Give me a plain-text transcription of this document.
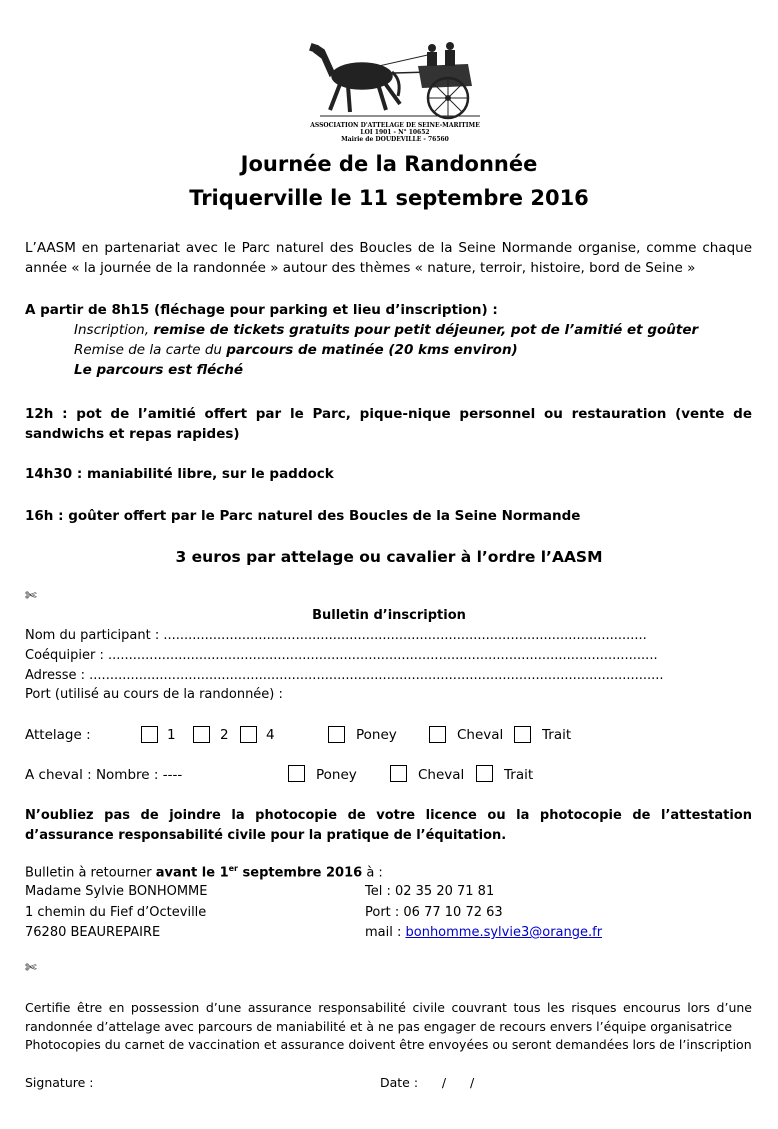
ASSOCIATION D'ATTELAGE DE SEINE-MARITIME
LOI 1901 - N° 10652
Mairie de DOUDEVILLE - 76560
Journée de la Randonnée
Triquerville le 11 septembre 2016
L’AASM en partenariat avec le Parc naturel des Boucles de la Seine Normande organise, comme chaque année « la journée de la randonnée » autour des thèmes « nature, terroir, histoire, bord de Seine »
A partir de 8h15 (fléchage pour parking et lieu d’inscription) :
Inscription, remise de tickets gratuits pour petit déjeuner, pot de l’amitié et goûter
Remise de la carte du parcours de matinée (20 kms environ)
Le parcours est fléché
12h : pot de l’amitié offert par le Parc, pique-nique personnel ou restauration (vente de sandwichs et repas rapides)
14h30 : maniabilité libre, sur le paddock
16h : goûter offert par le Parc naturel des Boucles de la Seine Normande
3 euros par attelage ou cavalier à l’ordre l’AASM
✄
Bulletin d’inscription
Nom du participant : .....................................................................................................................
Coéquipier : .....................................................................................................................................
Adresse : ...........................................................................................................................................
Port (utilisé au cours de la randonnée) :
Attelage :	1	2	4	Poney	Cheval	Trait
A cheval : Nombre : ----	Poney	Cheval	Trait
N’oubliez pas de joindre la photocopie de votre licence ou la photocopie de l’attestation d’assurance responsabilité civile pour la pratique de l’équitation.
Bulletin à retourner avant le 1er septembre 2016 à :
Madame Sylvie BONHOMME
1 chemin du Fief d’Octeville
76280 BEAUREPAIRE
Tel : 02 35 20 71 81
Port : 06 77 10 72 63
mail : bonhomme.sylvie3@orange.fr
✄
Certifie être en possession d’une assurance responsabilité civile couvrant tous les risques encourus lors d’une randonnée d’attelage avec parcours de maniabilité et à ne pas engager de recours envers l’équipe organisatrice
Photocopies du carnet de vaccination et assurance doivent être envoyées ou seront demandées lors de l’inscription
Signature :	Date :      /      /
